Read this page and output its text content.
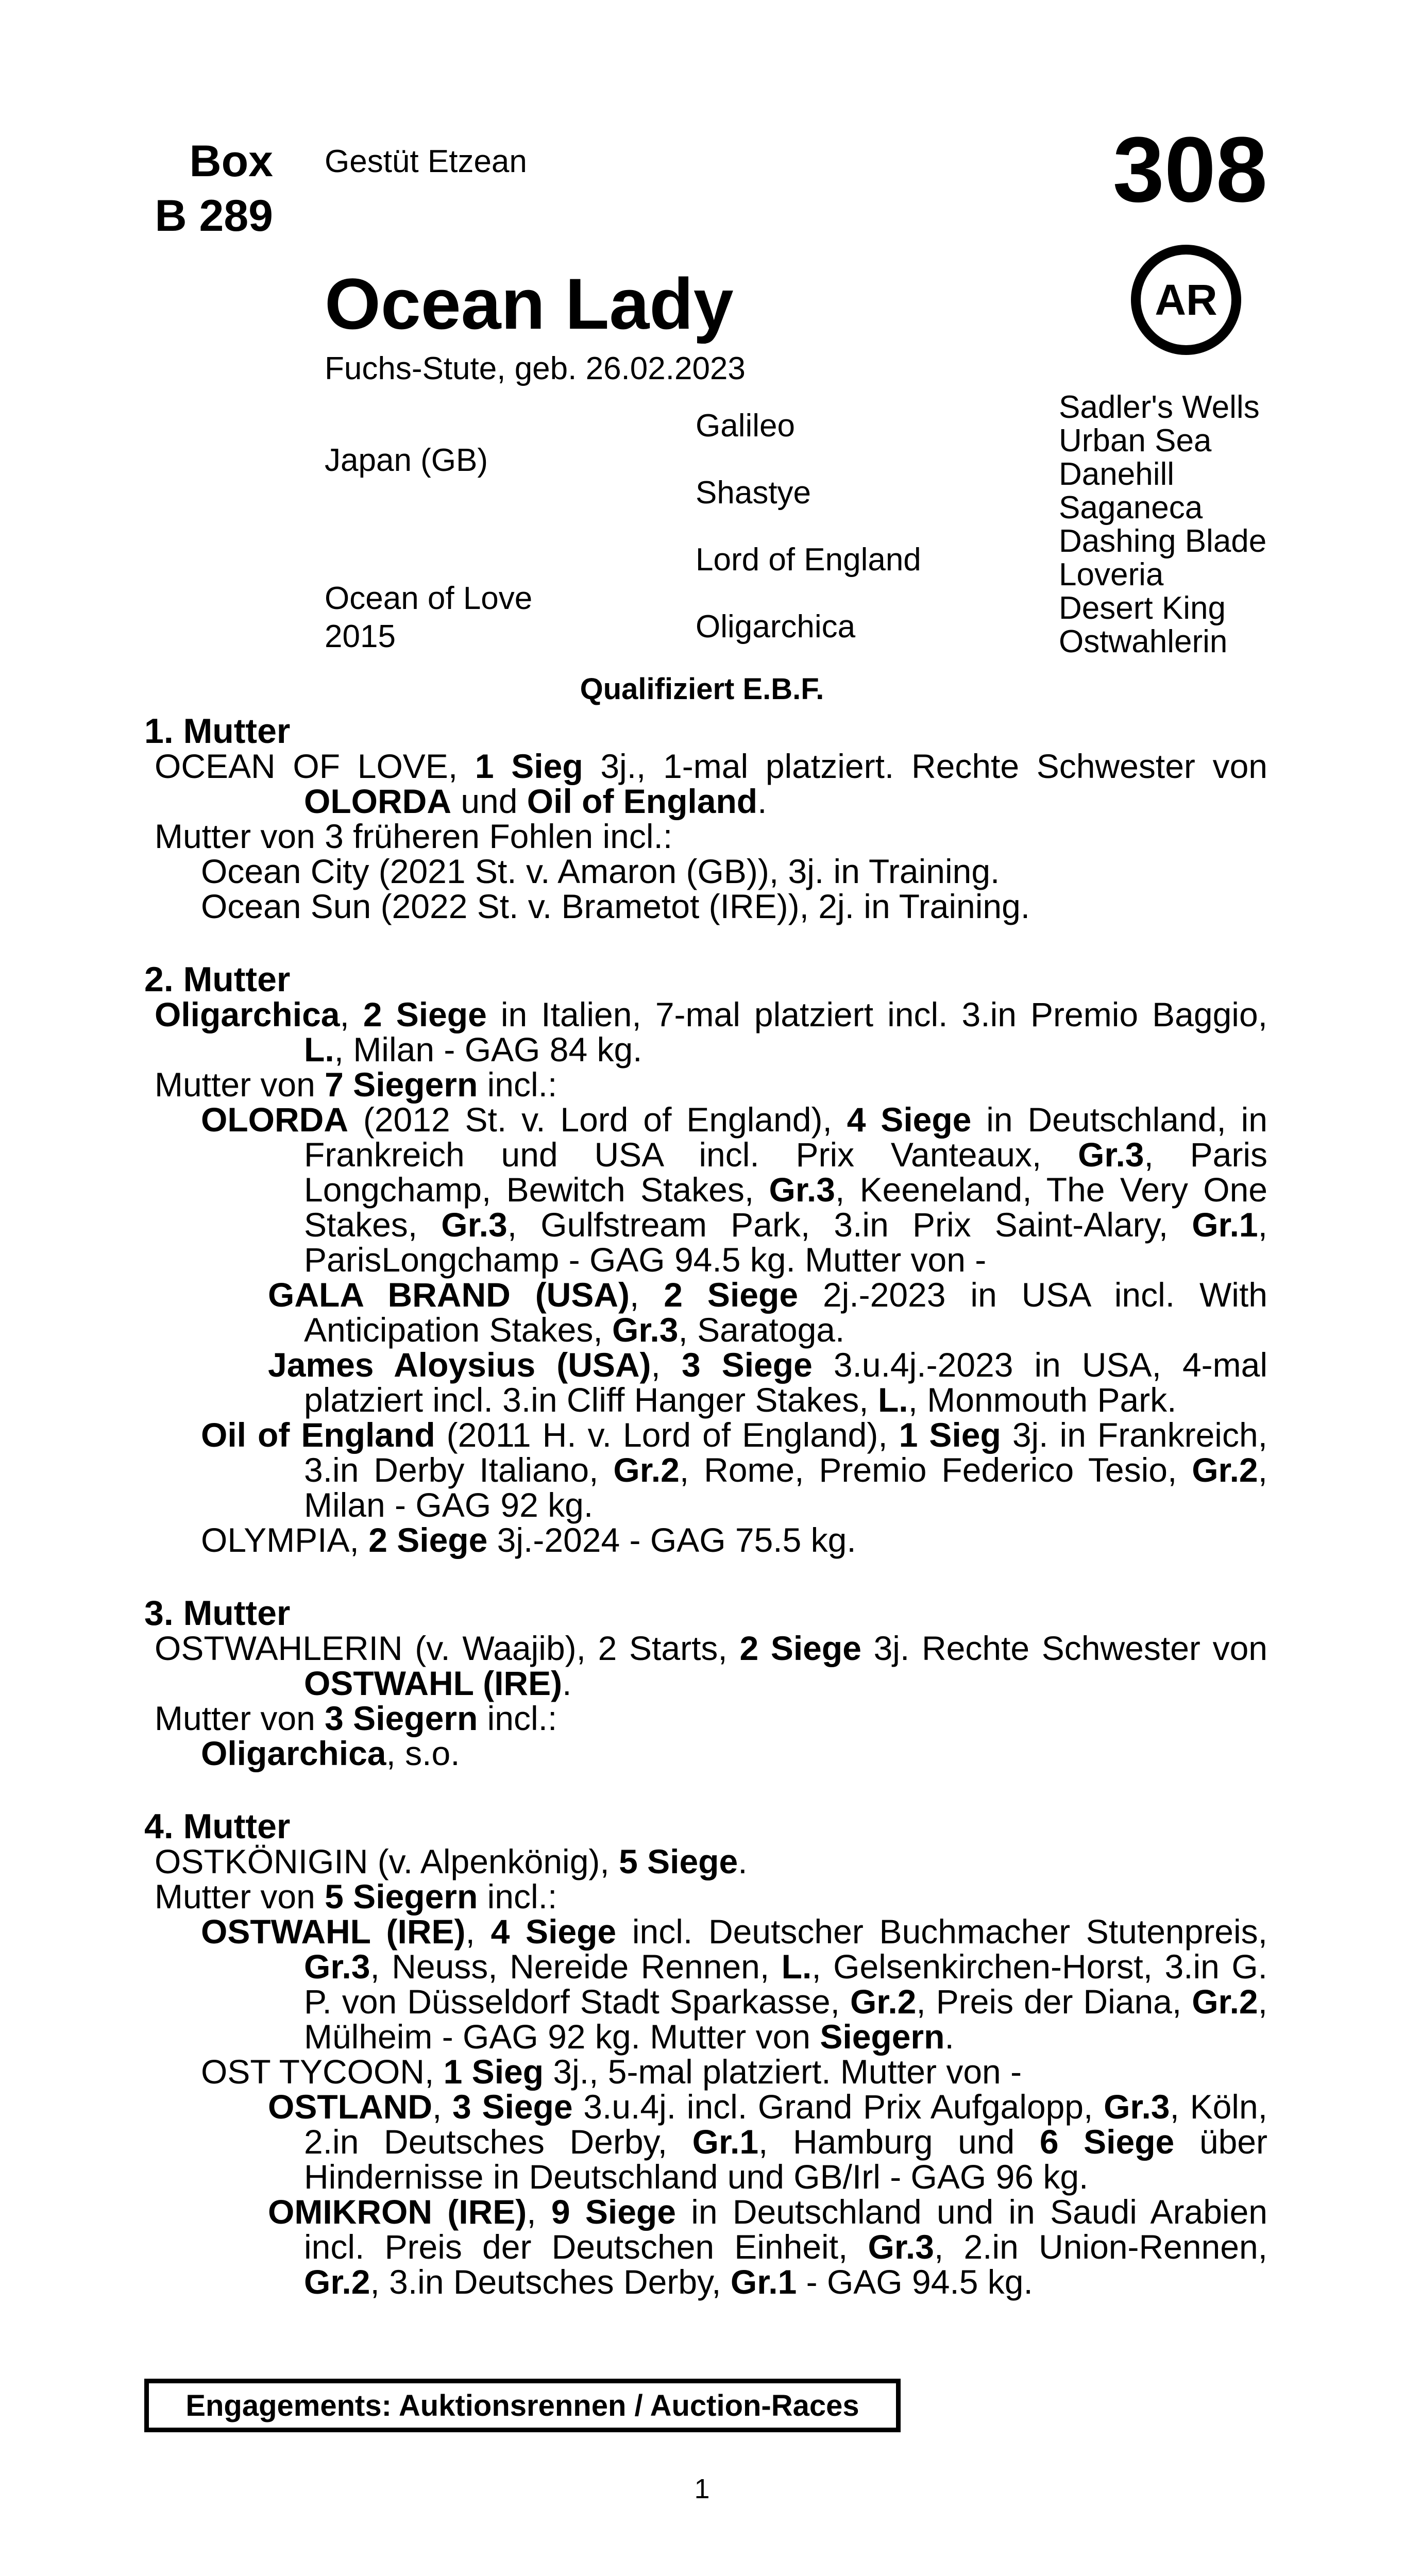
Box
B 289
Gestüt Etzean	308
Ocean Lady	AR
Fuchs-Stute, geb. 26.02.2023
Japan (GB)
Ocean of Love
2015
Galileo
Shastye
Lord of England
Oligarchica
Sadler's Wells
Urban Sea
Danehill
Saganeca
Dashing Blade
Loveria
Desert King
Ostwahlerin
Qualifiziert E.B.F.
1. Mutter
OCEAN OF LOVE, 1 Sieg 3j., 1-mal platziert. Rechte Schwester von OLORDA und Oil of England.
Mutter von 3 früheren Fohlen incl.:
Ocean City (2021 St. v. Amaron (GB)), 3j. in Training.
Ocean Sun (2022 St. v. Brametot (IRE)), 2j. in Training.
2. Mutter
Oligarchica, 2 Siege in Italien, 7-mal platziert incl. 3.in Premio Baggio, L., Milan - GAG 84 kg.
Mutter von 7 Siegern incl.:
OLORDA (2012 St. v. Lord of England), 4 Siege in Deutschland, in Frankreich und USA incl. Prix Vanteaux, Gr.3, Paris Longchamp, Bewitch Stakes, Gr.3, Keeneland, The Very One Stakes, Gr.3, Gulfstream Park, 3.in Prix Saint-Alary, Gr.1, ParisLongchamp - GAG 94.5 kg. Mutter von -
GALA BRAND (USA), 2 Siege 2j.-2023 in USA incl. With Anticipation Stakes, Gr.3, Saratoga.
James Aloysius (USA), 3 Siege 3.u.4j.-2023 in USA, 4-mal platziert incl. 3.in Cliff Hanger Stakes, L., Monmouth Park.
Oil of England (2011 H. v. Lord of England), 1 Sieg 3j. in Frankreich, 3.in Derby Italiano, Gr.2, Rome, Premio Federico Tesio, Gr.2, Milan - GAG 92 kg.
OLYMPIA, 2 Siege 3j.-2024 - GAG 75.5 kg.
3. Mutter
OSTWAHLERIN (v. Waajib), 2 Starts, 2 Siege 3j. Rechte Schwester von OSTWAHL (IRE).
Mutter von 3 Siegern incl.:
Oligarchica, s.o.
4. Mutter
OSTKÖNIGIN (v. Alpenkönig), 5 Siege.
Mutter von 5 Siegern incl.:
OSTWAHL (IRE), 4 Siege incl. Deutscher Buchmacher Stutenpreis, Gr.3, Neuss, Nereide Rennen, L., Gelsenkirchen-Horst, 3.in G. P. von Düsseldorf Stadt Sparkasse, Gr.2, Preis der Diana, Gr.2, Mülheim - GAG 92 kg. Mutter von Siegern.
OST TYCOON, 1 Sieg 3j., 5-mal platziert. Mutter von -
OSTLAND, 3 Siege 3.u.4j. incl. Grand Prix Aufgalopp, Gr.3, Köln, 2.in Deutsches Derby, Gr.1, Hamburg und 6 Siege über Hindernisse in Deutschland und GB/Irl - GAG 96 kg.
OMIKRON (IRE), 9 Siege in Deutschland und in Saudi Arabien incl. Preis der Deutschen Einheit, Gr.3, 2.in Union-Rennen, Gr.2, 3.in Deutsches Derby, Gr.1 - GAG 94.5 kg.
Engagements: Auktionsrennen / Auction-Races
1
